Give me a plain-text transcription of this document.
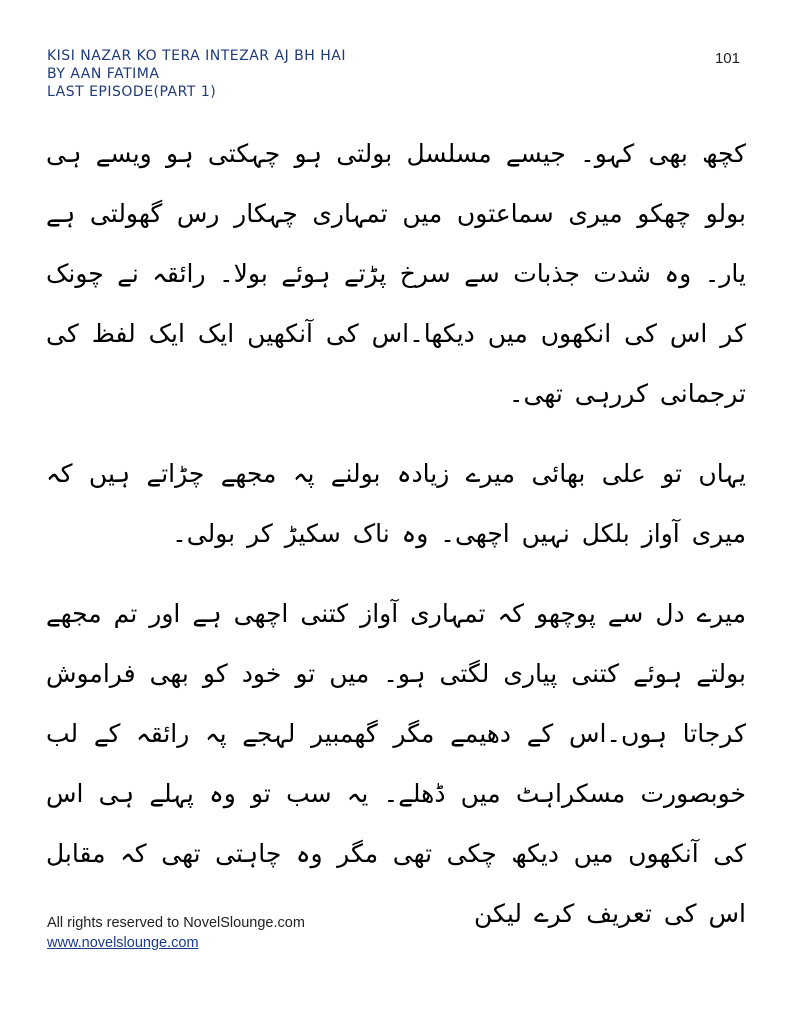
KISI NAZAR KO TERA INTEZAR AJ BH HAI
BY AAN FATIMA
LAST EPISODE(PART 1)
101

کچھ بھی کہو۔ جیسے مسلسل بولتی ہو چہکتی ہو ویسے ہی بولو چھکو میری سماعتوں میں تمہاری چہکار رس گھولتی ہے یار۔ وہ شدت جذبات سے سرخ پڑتے ہوئے بولا۔ رائقہ نے چونک کر اس کی انکھوں میں دیکھا۔اس کی آنکھیں ایک ایک لفظ کی ترجمانی کررہی تھی۔

یہاں تو علی بھائی میرے زیادہ بولنے پہ مجھے چڑاتے ہیں کہ میری آواز بلکل نہیں اچھی۔ وہ ناک سکیڑ کر بولی۔

میرے دل سے پوچھو کہ تمہاری آواز کتنی اچھی ہے اور تم مجھے بولتے ہوئے کتنی پیاری لگتی ہو۔ میں تو خود کو بھی فراموش کرجاتا ہوں۔اس کے دھیمے مگر گھمبیر لہجے پہ رائقہ کے لب خوبصورت مسکراہٹ میں ڈھلے۔ یہ سب تو وہ پہلے ہی اس کی آنکھوں میں دیکھ چکی تھی مگر وہ چاہتی تھی کہ مقابل اس کی تعریف کرے لیکن

All rights reserved to NovelSlounge.com
www.novelslounge.com
